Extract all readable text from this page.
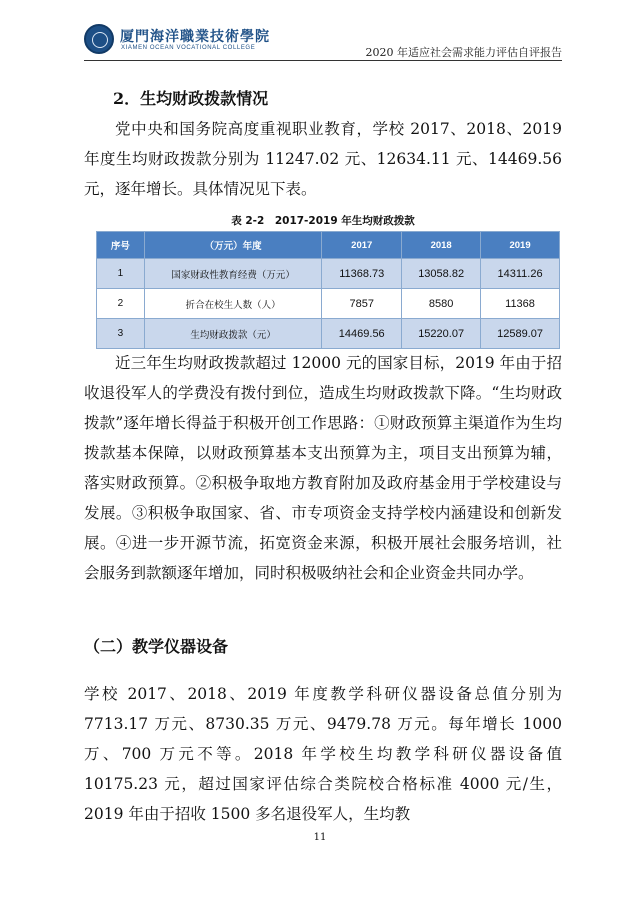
厦門海洋職業技術學院
XIAMEN OCEAN VOCATIONAL COLLEGE	2020 年适应社会需求能力评估自评报告
2．生均财政拨款情况

党中央和国务院高度重视职业教育，学校 2017、2018、2019 年度生均财政拨款分别为 11247.02 元、12634.11 元、14469.56 元，逐年增长。具体情况见下表。

表 2-2　2017-2019 年生均财政拨款
序号	（万元）年度	2017	2018	2019
1	国家财政性教育经费（万元）	11368.73	13058.82	14311.26
2	折合在校生人数（人）	7857	8580	11368
3	生均财政拨款（元）	14469.56	15220.07	12589.07

近三年生均财政拨款超过 12000 元的国家目标，2019 年由于招收退役军人的学费没有拨付到位，造成生均财政拨款下降。“生均财政拨款”逐年增长得益于积极开创工作思路：①财政预算主渠道作为生均拨款基本保障，以财政预算基本支出预算为主，项目支出预算为辅，落实财政预算。②积极争取地方教育附加及政府基金用于学校建设与发展。③积极争取国家、省、市专项资金支持学校内涵建设和创新发展。④进一步开源节流，拓宽资金来源，积极开展社会服务培训，社会服务到款额逐年增加，同时积极吸纳社会和企业资金共同办学。

（二）教学仪器设备

学校 2017、2018、2019 年度教学科研仪器设备总值分别为 7713.17 万元、8730.35 万元、9479.78 万元。每年增长 1000 万、700 万元不等。2018 年学校生均教学科研仪器设备值 10175.23 元，超过国家评估综合类院校合格标准 4000 元/生，2019 年由于招收 1500 多名退役军人，生均教

11
